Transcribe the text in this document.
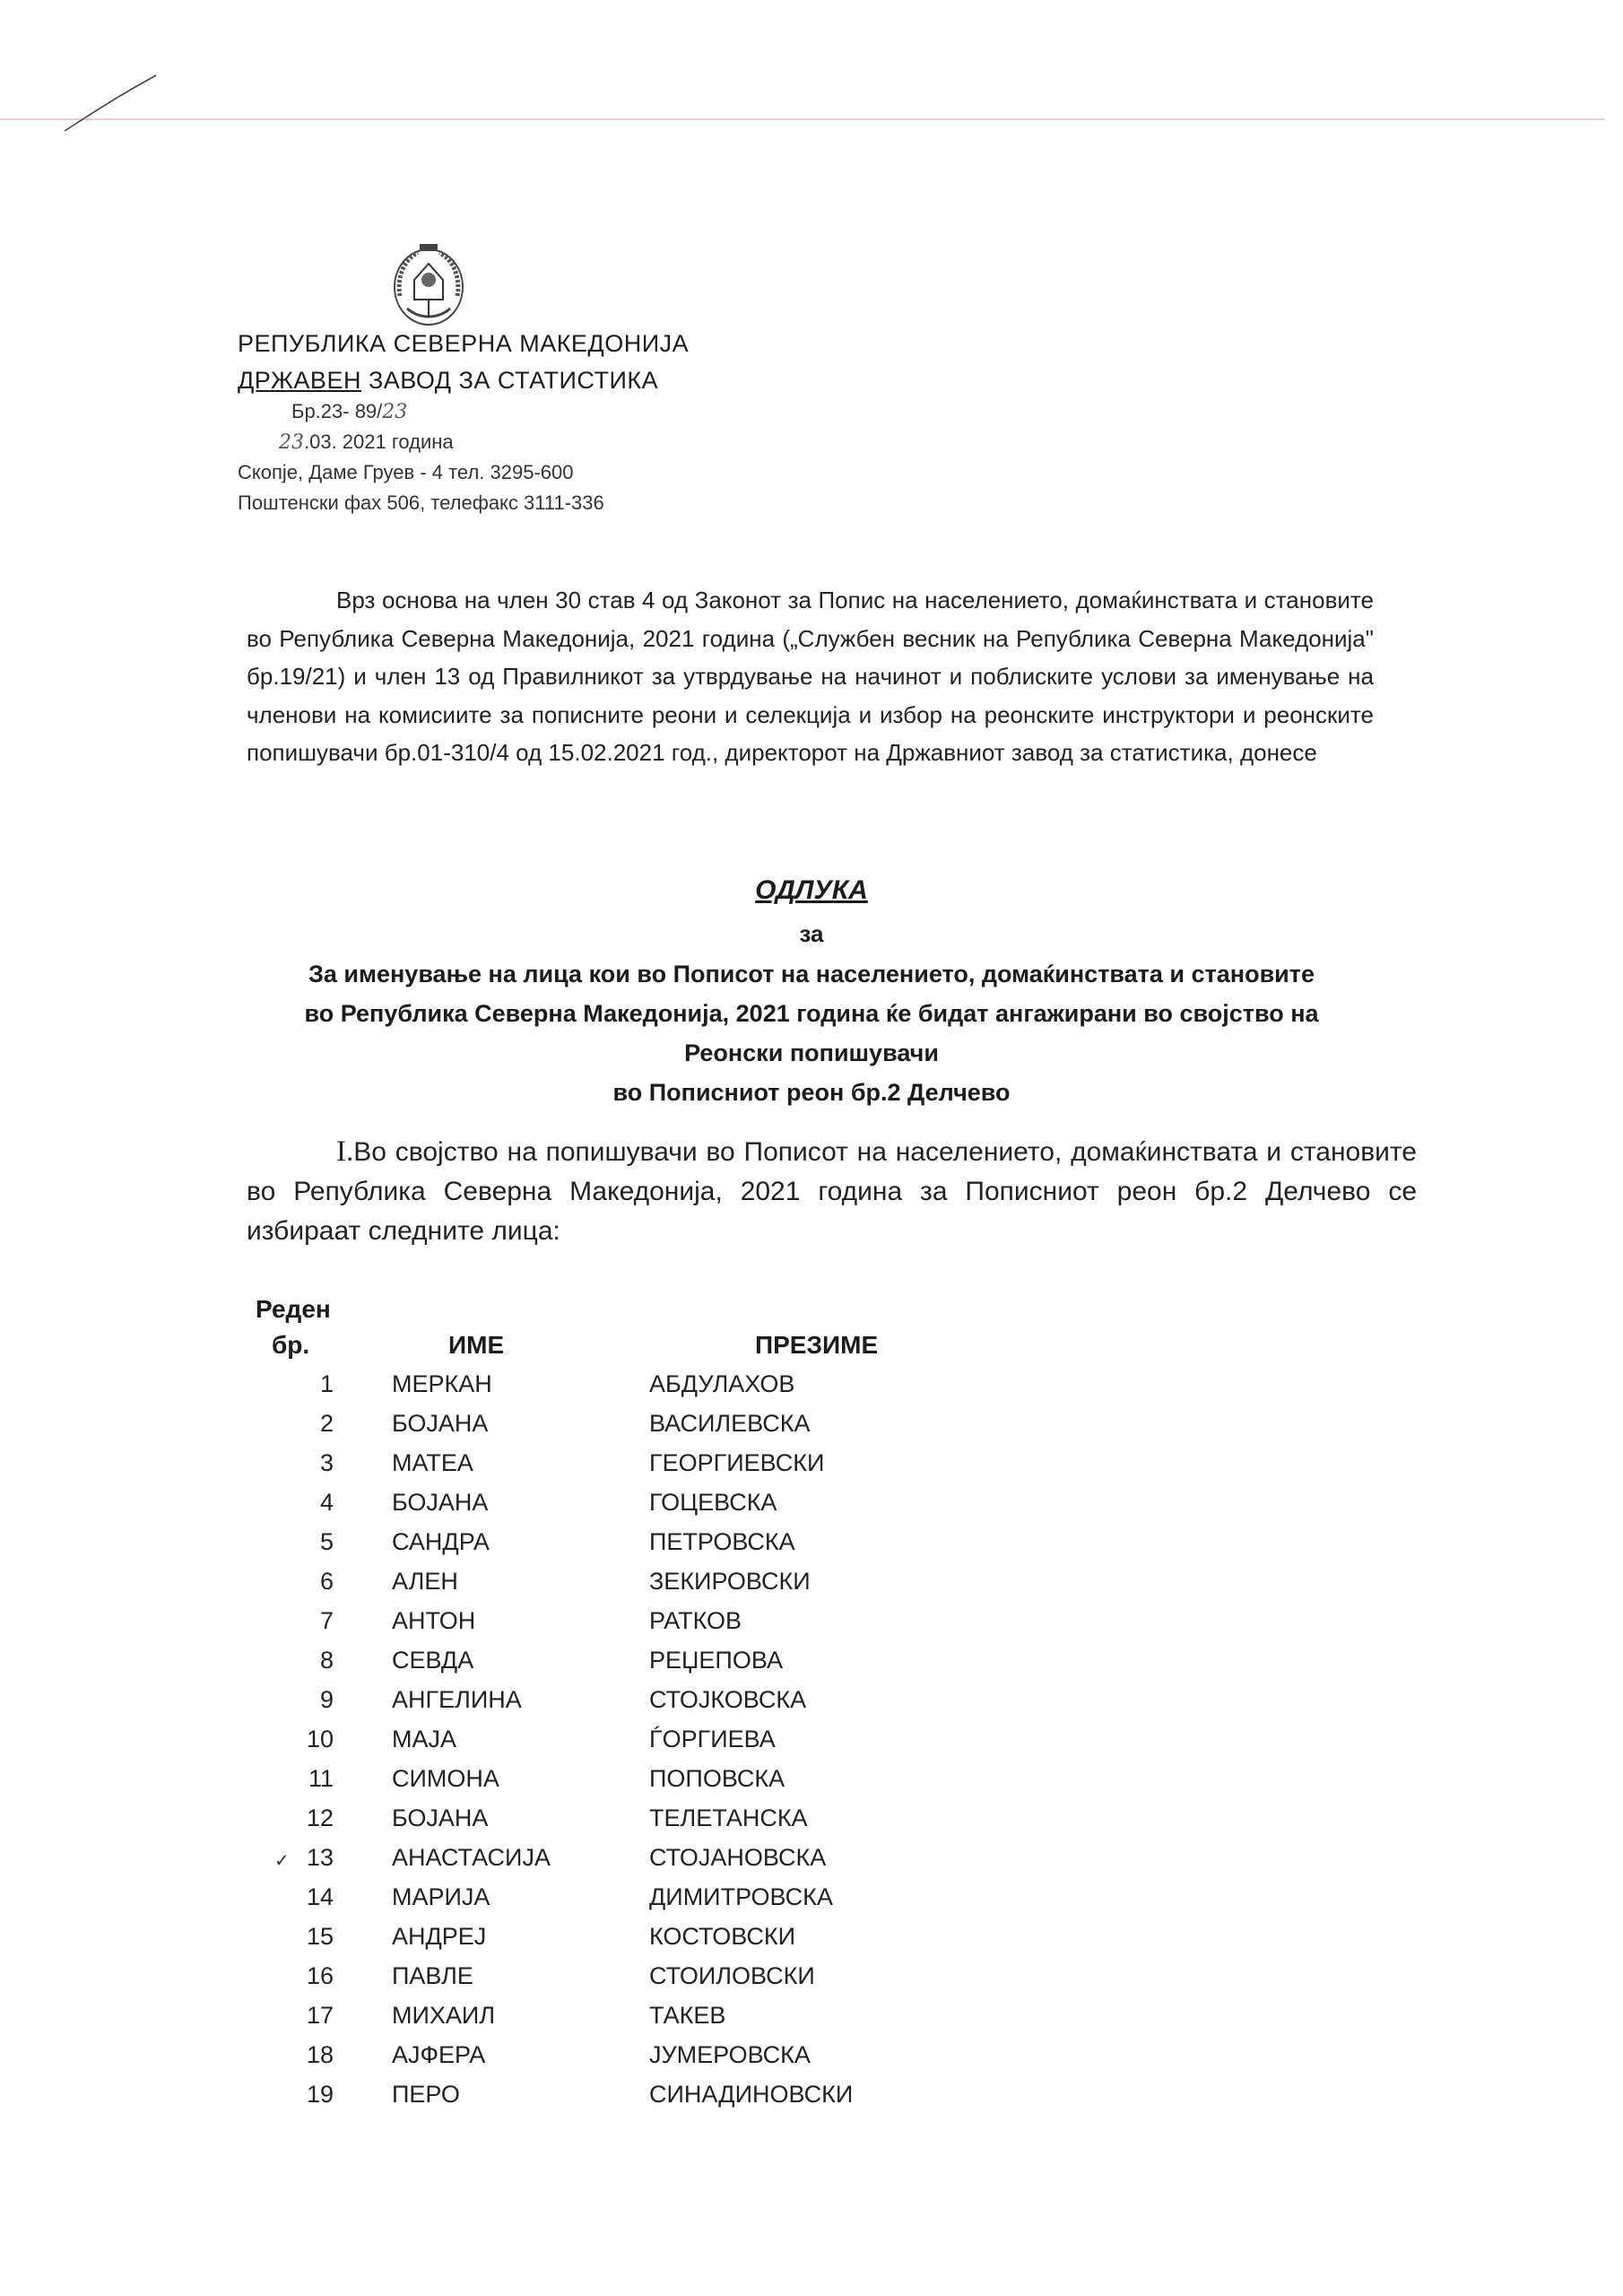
РЕПУБЛИКА СЕВЕРНА МАКЕДОНИЈА
ДРЖАВЕН ЗАВОД ЗА СТАТИСТИКА
Бр.23- 89/23
23.03. 2021 година
Скопје, Даме Груев - 4 тел. 3295-600
Поштенски фах 506, телефакс 3111-336

Врз основа на член 30 став 4 од Законот за Попис на населението, домаќинствата и становите во Република Северна Македонија, 2021 година („Службен весник на Република Северна Македонија" бр.19/21) и член 13 од Правилникот за утврдување на начинот и поблиските услови за именување на членови на комисиите за пописните реони и селекција и избор на реонските инструктори и реонските попишувачи бр.01-310/4 од 15.02.2021 год., директорот на Државниот завод за статистика, донесе

ОДЛУКА
за
За именување на лица кои во Пописот на населението, домаќинствата и становите
во Република Северна Македонија, 2021 година ќе бидат ангажирани во својство на
Реонски попишувачи
во Пописниот реон бр.2 Делчево

I.Во својство на попишувачи во Пописот на населението, домаќинствата и становите во Република Северна Македонија, 2021 година за Пописниот реон бр.2 Делчево се избираат следните лица:

Реден
бр.	ИМЕ	ПРЕЗИМЕ
✓
1 МЕРКАН	АБДУЛАХОВ
2 БОЈАНА	ВАСИЛЕВСКА
3 МАТЕА	ГЕОРГИЕВСКИ
4 БОЈАНА	ГОЦЕВСКА
5 САНДРА	ПЕТРОВСКА
6 АЛЕН	ЗЕКИРОВСКИ
7 АНТОН	РАТКОВ
8 СЕВДА	РЕЏЕПОВА
9 АНГЕЛИНА	СТОЈКОВСКА
10 МАЈА	ЃОРГИЕВА
11 СИМОНА	ПОПОВСКА
12 БОЈАНА	ТЕЛЕТАНСКА
13 АНАСТАСИЈА	СТОЈАНОВСКА
14 МАРИЈА	ДИМИТРОВСКА
15 АНДРЕЈ	КОСТОВСКИ
16 ПАВЛЕ	СТОИЛОВСКИ
17 МИХАИЛ	ТАКЕВ
18 АЈФЕРА	ЈУМЕРОВСКА
19 ПЕРО	СИНАДИНОВСКИ
